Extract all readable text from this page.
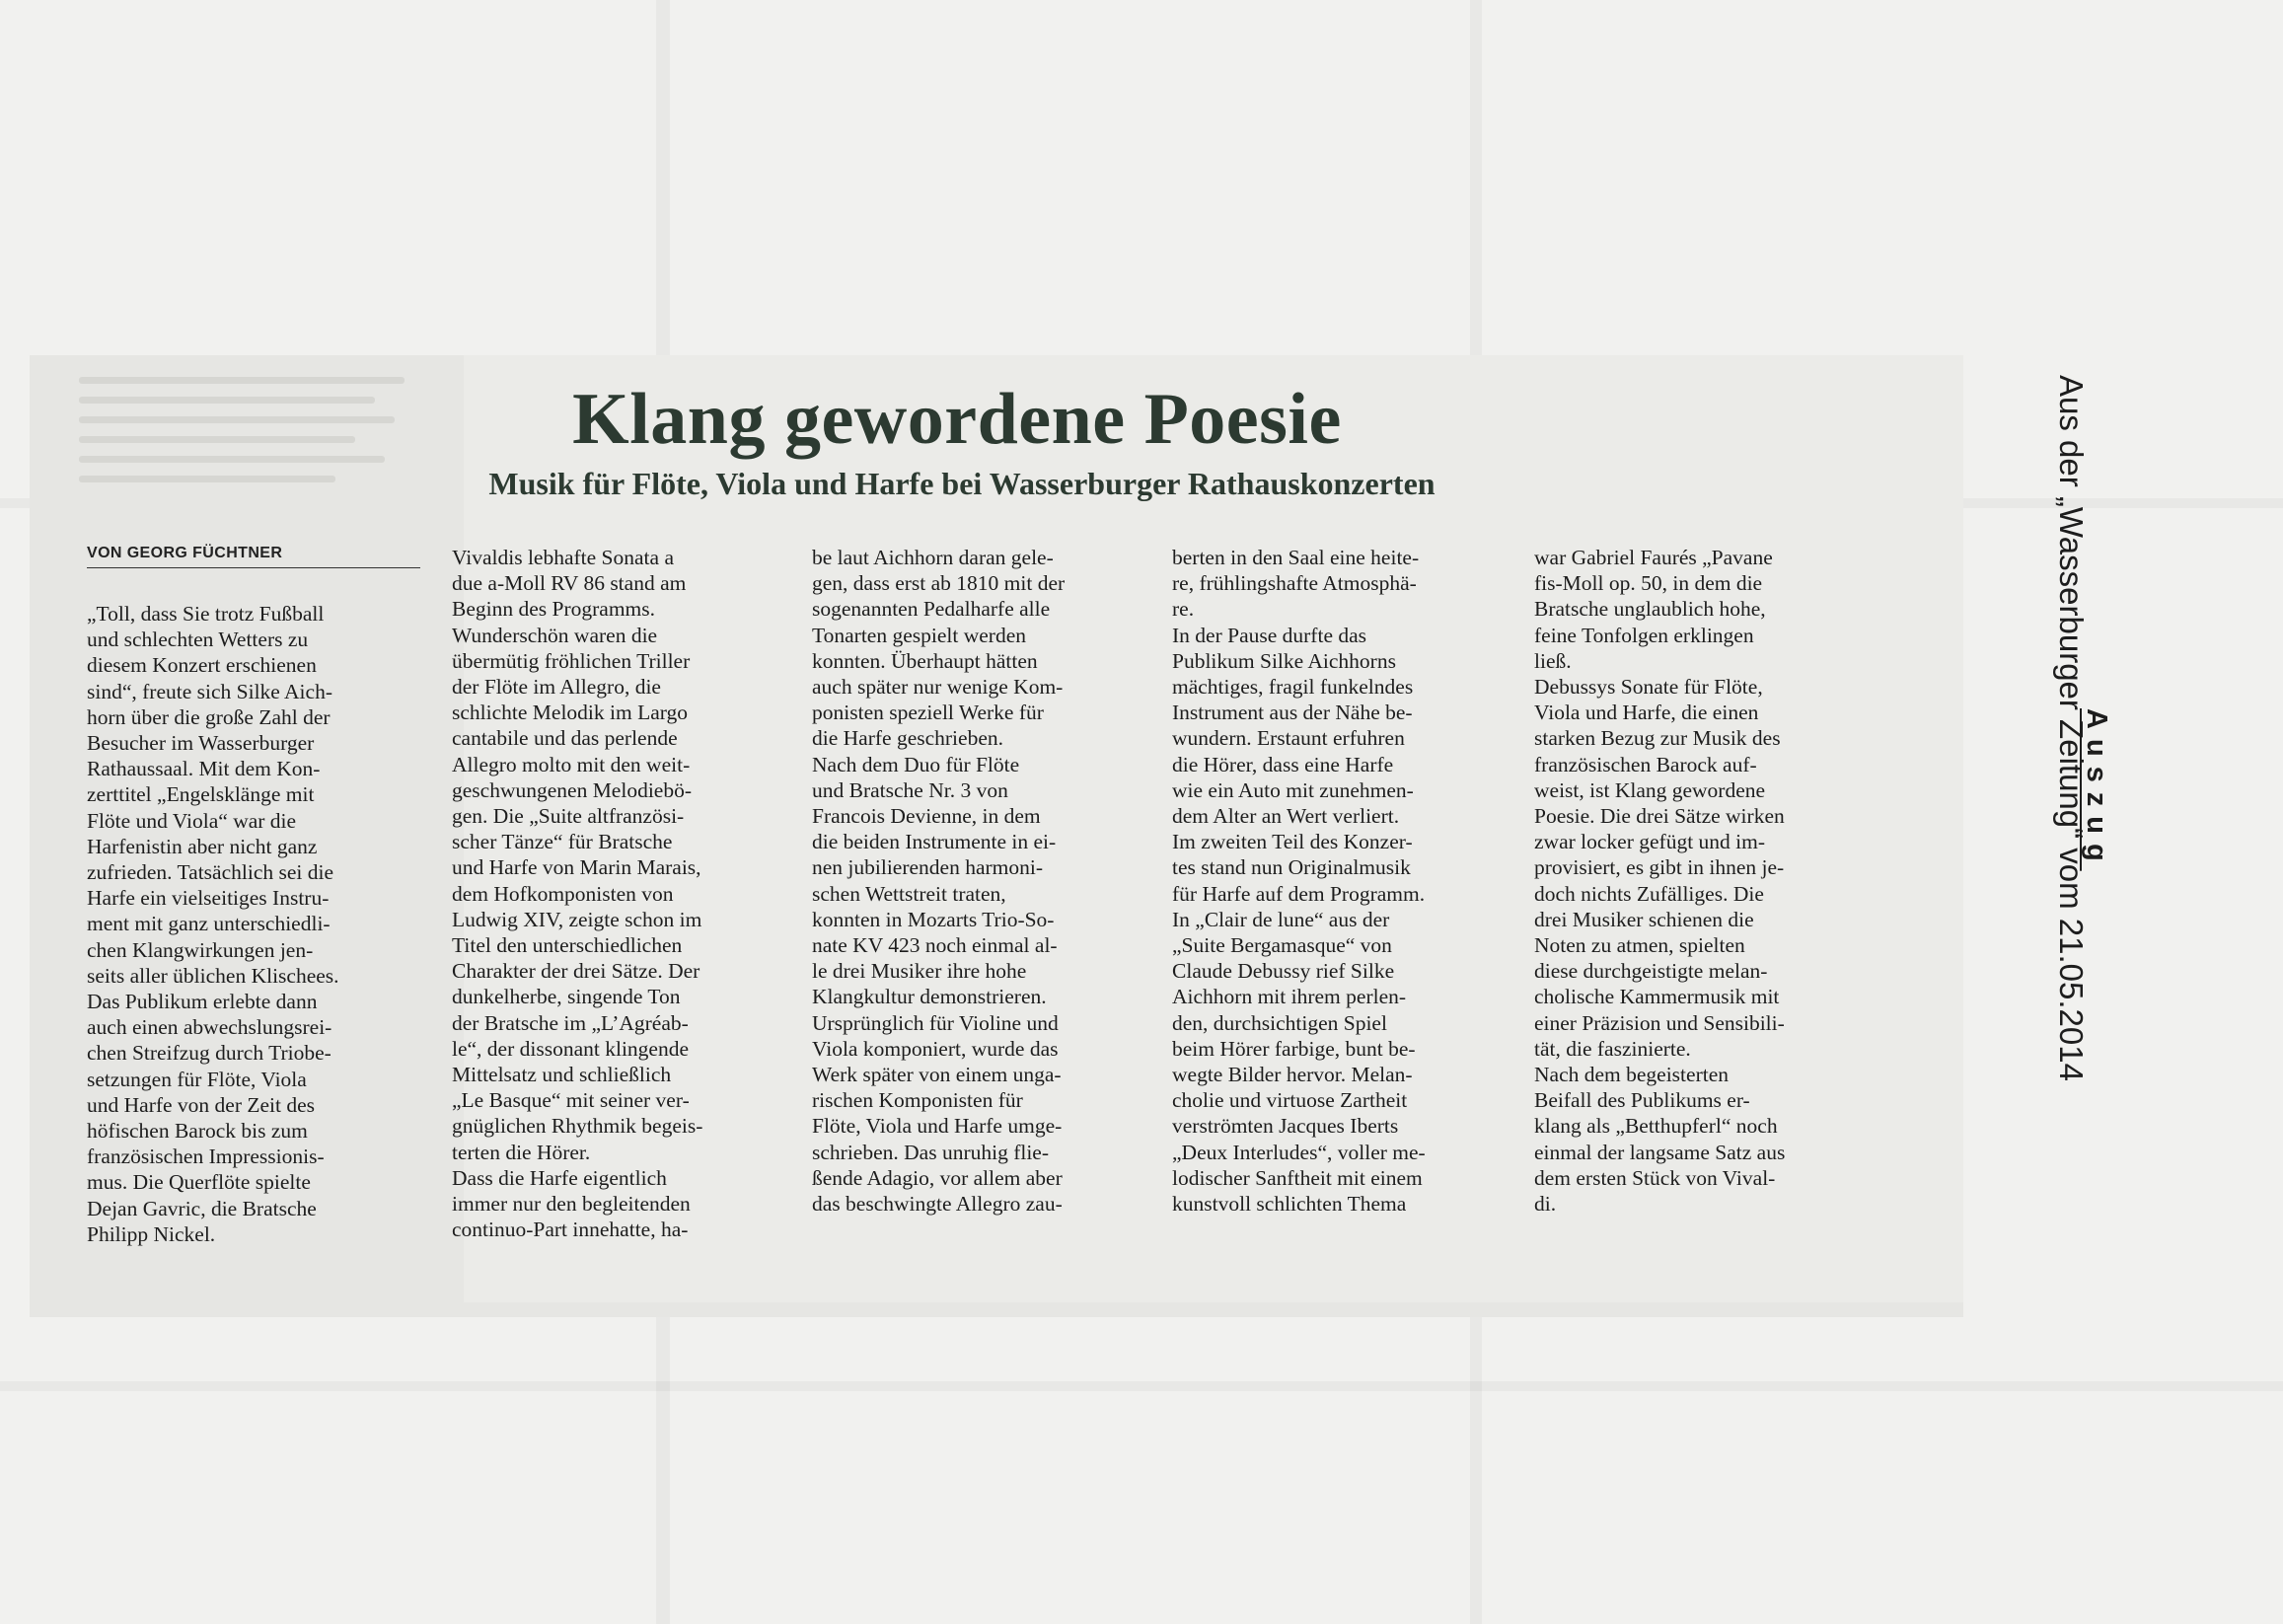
Klang gewordene Poesie
Musik für Flöte, Viola und Harfe bei Wasserburger Rathauskonzerten
VON GEORG FÜCHTNER

„Toll, dass Sie trotz Fußball
und schlechten Wetters zu
diesem Konzert erschienen
sind“, freute sich Silke Aich-
horn über die große Zahl der
Besucher im Wasserburger
Rathaussaal. Mit dem Kon-
zerttitel „Engelsklänge mit
Flöte und Viola“ war die
Harfenistin aber nicht ganz
zufrieden. Tatsächlich sei die
Harfe ein vielseitiges Instru-
ment mit ganz unterschiedli-
chen Klangwirkungen jen-
seits aller üblichen Klischees.
Das Publikum erlebte dann
auch einen abwechslungsrei-
chen Streifzug durch Triobe-
setzungen für Flöte, Viola
und Harfe von der Zeit des
höfischen Barock bis zum
französischen Impressionis-
mus. Die Querflöte spielte
Dejan Gavric, die Bratsche
Philipp Nickel.

Vivaldis lebhafte Sonata a
due a-Moll RV 86 stand am
Beginn des Programms.
Wunderschön waren die
übermütig fröhlichen Triller
der Flöte im Allegro, die
schlichte Melodik im Largo
cantabile und das perlende
Allegro molto mit den weit-
geschwungenen Melodiebö-
gen. Die „Suite altfranzösi-
scher Tänze“ für Bratsche
und Harfe von Marin Marais,
dem Hofkomponisten von
Ludwig XIV, zeigte schon im
Titel den unterschiedlichen
Charakter der drei Sätze. Der
dunkelherbe, singende Ton
der Bratsche im „L’Agréab-
le“, der dissonant klingende
Mittelsatz und schließlich
„Le Basque“ mit seiner ver-
gnüglichen Rhythmik begeis-
terten die Hörer.
Dass die Harfe eigentlich
immer nur den begleitenden
continuo-Part innehatte, ha-

be laut Aichhorn daran gele-
gen, dass erst ab 1810 mit der
sogenannten Pedalharfe alle
Tonarten gespielt werden
konnten. Überhaupt hätten
auch später nur wenige Kom-
ponisten speziell Werke für
die Harfe geschrieben.
Nach dem Duo für Flöte
und Bratsche Nr. 3 von
Francois Devienne, in dem
die beiden Instrumente in ei-
nen jubilierenden harmoni-
schen Wettstreit traten,
konnten in Mozarts Trio-So-
nate KV 423 noch einmal al-
le drei Musiker ihre hohe
Klangkultur demonstrieren.
Ursprünglich für Violine und
Viola komponiert, wurde das
Werk später von einem unga-
rischen Komponisten für
Flöte, Viola und Harfe umge-
schrieben. Das unruhig flie-
ßende Adagio, vor allem aber
das beschwingte Allegro zau-

berten in den Saal eine heite-
re, frühlingshafte Atmosphä-
re.
In der Pause durfte das
Publikum Silke Aichhorns
mächtiges, fragil funkelndes
Instrument aus der Nähe be-
wundern. Erstaunt erfuhren
die Hörer, dass eine Harfe
wie ein Auto mit zunehmen-
dem Alter an Wert verliert.
Im zweiten Teil des Konzer-
tes stand nun Originalmusik
für Harfe auf dem Programm.
In „Clair de lune“ aus der
„Suite Bergamasque“ von
Claude Debussy rief Silke
Aichhorn mit ihrem perlen-
den, durchsichtigen Spiel
beim Hörer farbige, bunt be-
wegte Bilder hervor. Melan-
cholie und virtuose Zartheit
verströmten Jacques Iberts
„Deux Interludes“, voller me-
lodischer Sanftheit mit einem
kunstvoll schlichten Thema

war Gabriel Faurés „Pavane
fis-Moll op. 50, in dem die
Bratsche unglaublich hohe,
feine Tonfolgen erklingen
ließ.
Debussys Sonate für Flöte,
Viola und Harfe, die einen
starken Bezug zur Musik des
französischen Barock auf-
weist, ist Klang gewordene
Poesie. Die drei Sätze wirken
zwar locker gefügt und im-
provisiert, es gibt in ihnen je-
doch nichts Zufälliges. Die
drei Musiker schienen die
Noten zu atmen, spielten
diese durchgeistigte melan-
cholische Kammermusik mit
einer Präzision und Sensibili-
tät, die faszinierte.
Nach dem begeisterten
Beifall des Publikums er-
klang als „Betthupferl“ noch
einmal der langsame Satz aus
dem ersten Stück von Vival-
di.

Aus der „Wasserburger Zeitung“ vom 21.05.2014

Auszug
